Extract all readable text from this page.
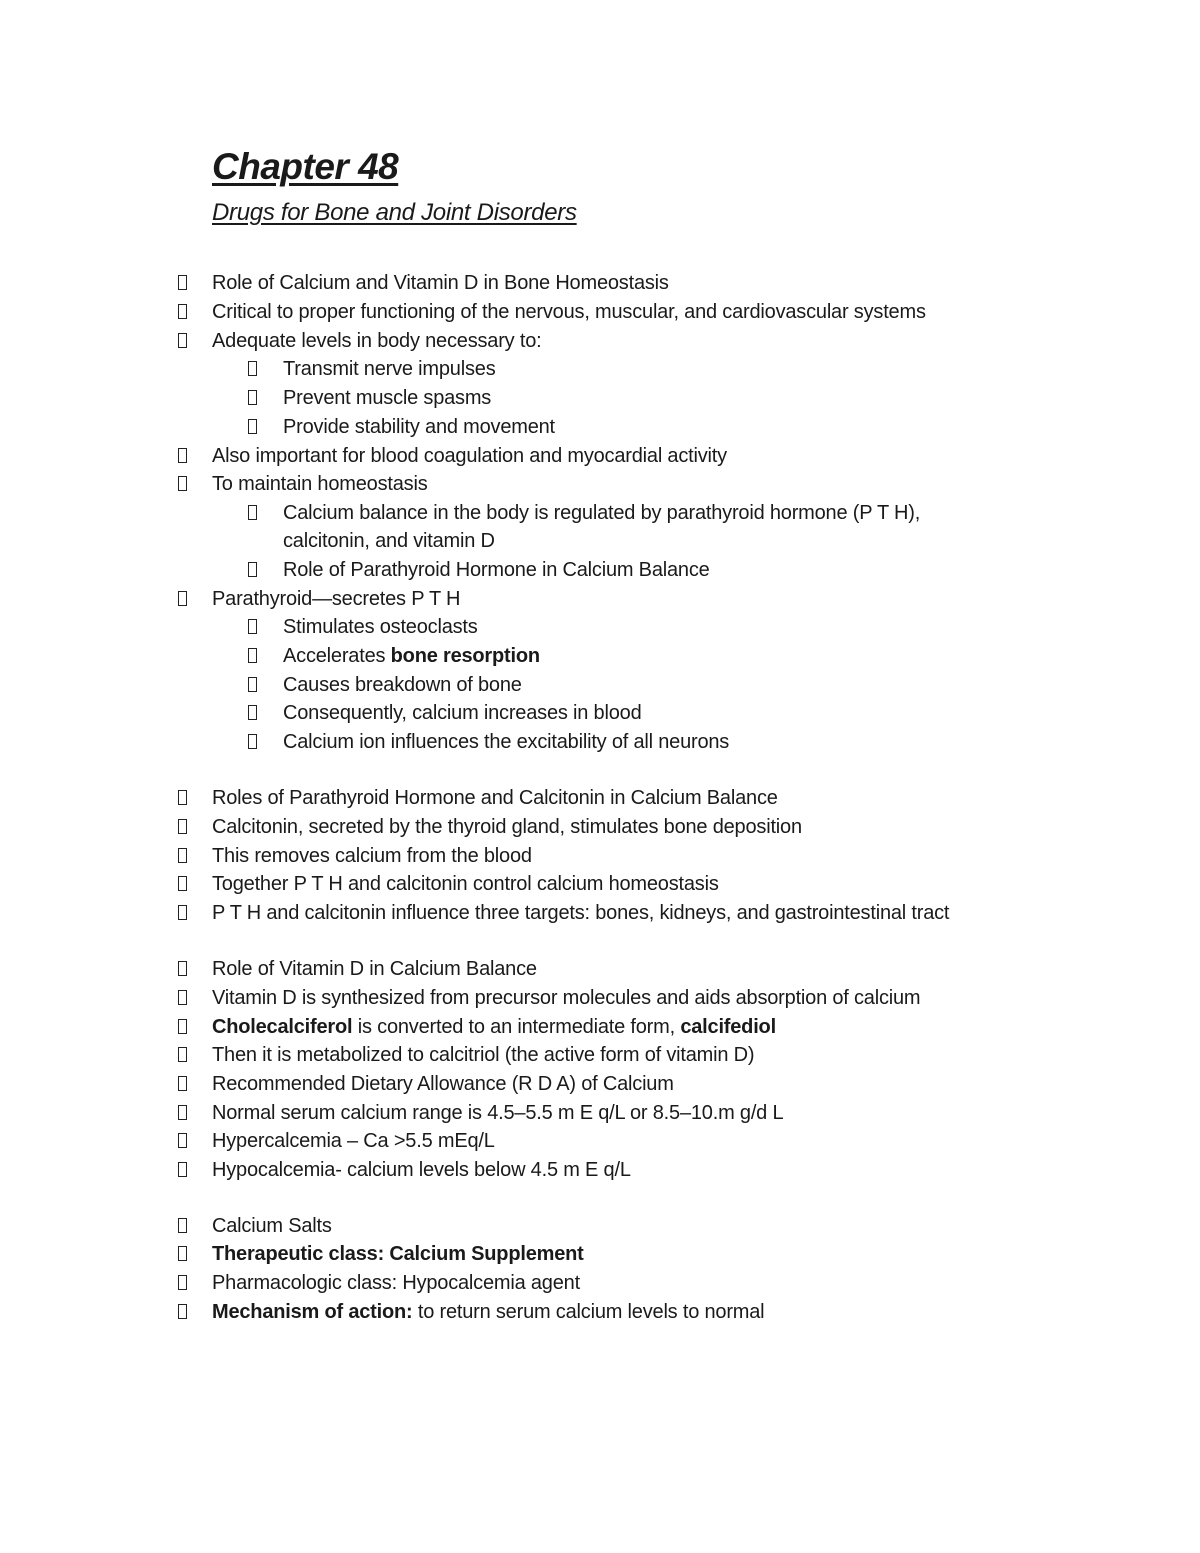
Chapter 48
Drugs for Bone and Joint Disorders
Role of Calcium and Vitamin D in Bone Homeostasis
Critical to proper functioning of the nervous, muscular, and cardiovascular systems
Adequate levels in body necessary to:
Transmit nerve impulses
Prevent muscle spasms
Provide stability and movement
Also important for blood coagulation and myocardial activity
To maintain homeostasis
Calcium balance in the body is regulated by parathyroid hormone (P T H),
calcitonin, and vitamin D
Role of Parathyroid Hormone in Calcium Balance
Parathyroid—secretes P T H
Stimulates osteoclasts
Accelerates bone resorption
Causes breakdown of bone
Consequently, calcium increases in blood
Calcium ion influences the excitability of all neurons
Roles of Parathyroid Hormone and Calcitonin in Calcium Balance
Calcitonin, secreted by the thyroid gland, stimulates bone deposition
This removes calcium from the blood
Together P T H and calcitonin control calcium homeostasis
P T H and calcitonin influence three targets: bones, kidneys, and gastrointestinal tract
Role of Vitamin D in Calcium Balance
Vitamin D is synthesized from precursor molecules and aids absorption of calcium
Cholecalciferol is converted to an intermediate form, calcifediol
Then it is metabolized to calcitriol (the active form of vitamin D)
Recommended Dietary Allowance (R D A) of Calcium
Normal serum calcium range is 4.5–5.5 m E q/L or 8.5–10.m g/d L
Hypercalcemia – Ca >5.5 mEq/L
Hypocalcemia- calcium levels below 4.5 m E q/L
Calcium Salts
Therapeutic class: Calcium Supplement
Pharmacologic class: Hypocalcemia agent
Mechanism of action: to return serum calcium levels to normal
